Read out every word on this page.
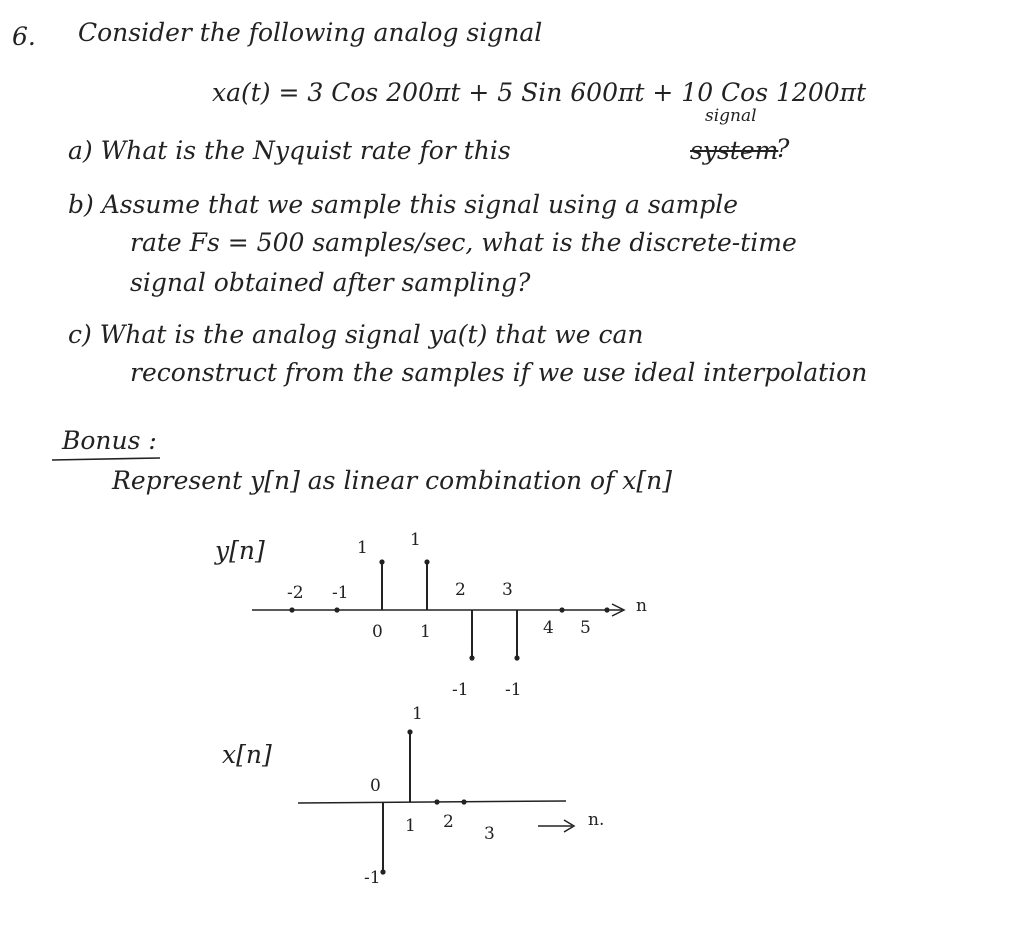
6. Consider the following analog signal
xa(t) = 3 Cos 200πt + 5 Sin 600πt + 10 Cos 1200πt
a) What is the Nyquist rate for this
signal
system
?
b) Assume that we sample this signal using a sample
rate Fs = 500 samples/sec, what is the discrete-time
signal obtained after sampling?
c) What is the analog signal ya(t) that we can
reconstruct from the samples if we use ideal interpolation
Bonus :
Represent y[n] as linear combination of x[n]
y[n]
n
-2 -1
0 1
2 3
4 5
1 1
-1 -1
x[n]
n.
0
1 2
3
-1
1
